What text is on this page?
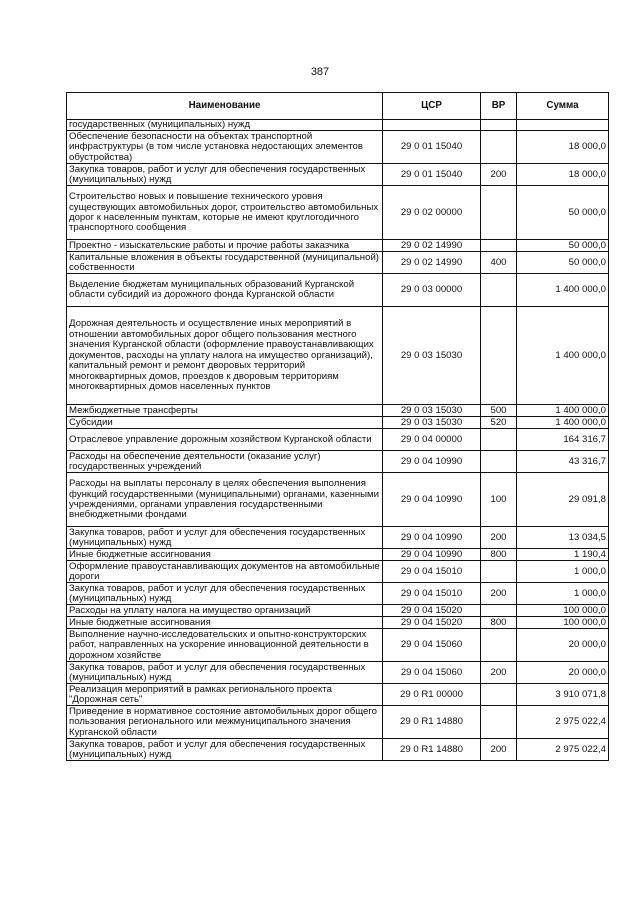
387
Наименование	ЦСР	ВР	Сумма
государственных (муниципальных) нужд			
Обеспечение безопасности на объектах транспортной инфраструктуры (в том числе установка недостающих элементов обустройства)	29 0 01 15040		18 000,0
Закупка товаров, работ и услуг для обеспечения государственных (муниципальных) нужд	29 0 01 15040	200	18 000,0
Строительство новых и повышение технического уровня существующих автомобильных дорог, строительство автомобильных дорог к населенным пунктам, которые не имеют круглогодичного транспортного сообщения	29 0 02 00000		50 000,0
Проектно - изыскательские работы и прочие работы заказчика	29 0 02 14990		50 000,0
Капитальные вложения в объекты государственной (муниципальной) собственности	29 0 02 14990	400	50 000,0
Выделение бюджетам муниципальных образований Курганской области субсидий из дорожного фонда Курганской области	29 0 03 00000		1 400 000,0
Дорожная деятельность и осуществление иных мероприятий в отношении автомобильных дорог общего пользования местного значения Курганской области (оформление правоустанавливающих документов, расходы на уплату налога на имущество организаций), капитальный ремонт и ремонт дворовых территорий многоквартирных домов, проездов к дворовым территориям многоквартирных домов населенных пунктов	29 0 03 15030		1 400 000,0
Межбюджетные трансферты	29 0 03 15030	500	1 400 000,0
Субсидии	29 0 03 15030	520	1 400 000,0
Отраслевое управление дорожным хозяйством Курганской области	29 0 04 00000		164 316,7
Расходы на обеспечение деятельности (оказание услуг) государственных учреждений	29 0 04 10990		43 316,7
Расходы на выплаты персоналу в целях обеспечения выполнения функций государственными (муниципальными) органами, казенными учреждениями, органами управления государственными внебюджетными фондами	29 0 04 10990	100	29 091,8
Закупка товаров, работ и услуг для обеспечения государственных (муниципальных) нужд	29 0 04 10990	200	13 034,5
Иные бюджетные ассигнования	29 0 04 10990	800	1 190,4
Оформление правоустанавливающих документов на автомобильные дороги	29 0 04 15010		1 000,0
Закупка товаров, работ и услуг для обеспечения государственных (муниципальных) нужд	29 0 04 15010	200	1 000,0
Расходы на уплату налога на имущество организаций	29 0 04 15020		100 000,0
Иные бюджетные ассигнования	29 0 04 15020	800	100 000,0
Выполнение научно-исследовательских и опытно-конструкторских работ, направленных на ускорение инновационной деятельности в дорожном хозяйстве	29 0 04 15060		20 000,0
Закупка товаров, работ и услуг для обеспечения государственных (муниципальных) нужд	29 0 04 15060	200	20 000,0
Реализация мероприятий в рамках регионального проекта "Дорожная сеть"	29 0 R1 00000		3 910 071,8
Приведение в нормативное состояние автомобильных дорог общего пользования регионального или межмуниципального значения Курганской области	29 0 R1 14880		2 975 022,4
Закупка товаров, работ и услуг для обеспечения государственных (муниципальных) нужд	29 0 R1 14880	200	2 975 022,4
